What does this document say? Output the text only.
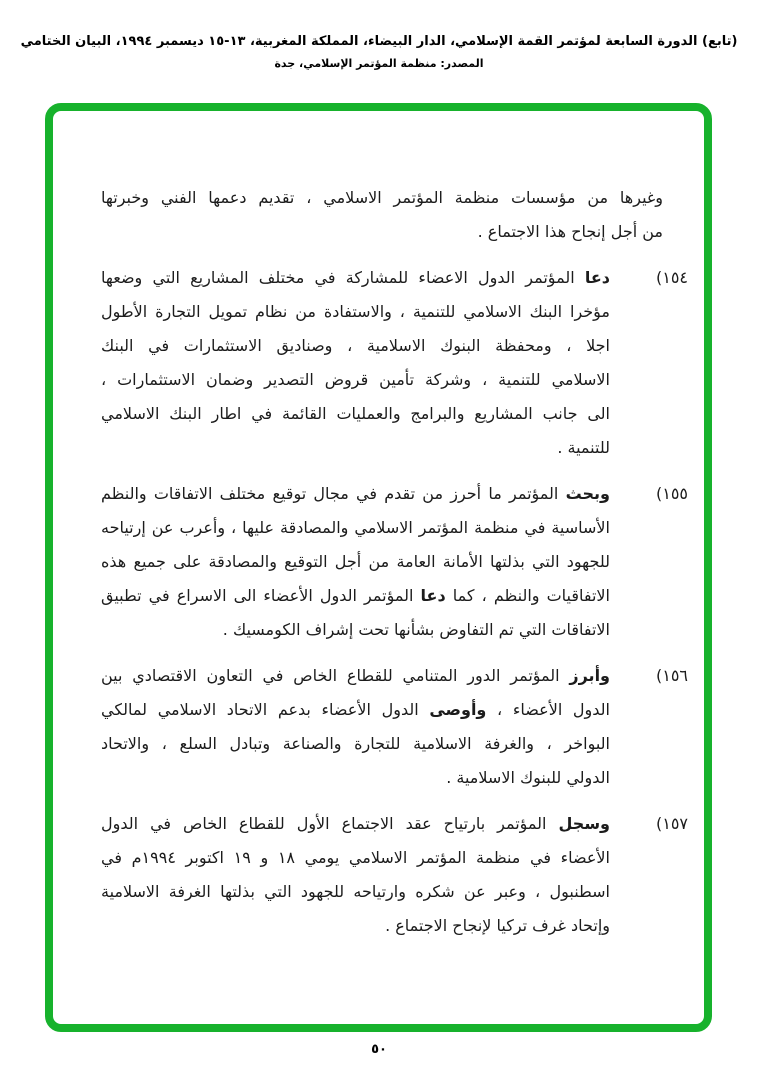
(تابع) الدورة السابعة لمؤتمر القمة الإسلامي، الدار البيضاء، المملكة المغربية، ١٣-١٥ ديسمبر ١٩٩٤، البيان الختامي
المصدر: منظمة المؤتمر الإسلامي، جدة
وغيرها من مؤسسات منظمة المؤتمر الاسلامي ، تقديم دعمها الفني وخبرتها
من أجل إنجاح هذا الاجتماع .
١٥٤)
دعا المؤتمر الدول الاعضاء للمشاركة في مختلف المشاريع التي وضعها
مؤخرا البنك الاسلامي للتنمية ، والاستفادة من نظام تمويل التجارة الأطول
اجلا ، ومحفظة البنوك الاسلامية ، وصناديق الاستثمارات في البنك
الاسلامي للتنمية ، وشركة تأمين قروض التصدير وضمان الاستثمارات ،
الى جانب المشاريع والبرامج والعمليات القائمة في اطار البنك الاسلامي
للتنمية .
١٥٥)
وبحث المؤتمر ما أحرز من تقدم في مجال توقيع مختلف الاتفاقات والنظم
الأساسية في منظمة المؤتمر الاسلامي والمصادقة عليها ، وأعرب عن إرتياحه
للجهود التي بذلتها الأمانة العامة من أجل التوقيع والمصادقة على جميع هذه
الاتفاقيات والنظم ، كما دعا المؤتمر الدول الأعضاء الى الاسراع في تطبيق
الاتفاقات التي تم التفاوض بشأنها تحت إشراف الكومسيك .
١٥٦)
وأبرز المؤتمر الدور المتنامي للقطاع الخاص في التعاون الاقتصادي بين
الدول الأعضاء ، وأوصى الدول الأعضاء بدعم الاتحاد الاسلامي لمالكي
البواخر ، والغرفة الاسلامية للتجارة والصناعة وتبادل السلع ، والاتحاد
الدولي للبنوك الاسلامية .
١٥٧)
وسجل المؤتمر بارتياح عقد الاجتماع الأول للقطاع الخاص في الدول
الأعضاء في منظمة المؤتمر الاسلامي يومي ١٨ و ١٩ اكتوبر ١٩٩٤م في
اسطنبول ، وعبر عن شكره وارتياحه للجهود التي بذلتها الغرفة الاسلامية
وإتحاد غرف تركيا لإنجاح الاجتماع .
٥٠
